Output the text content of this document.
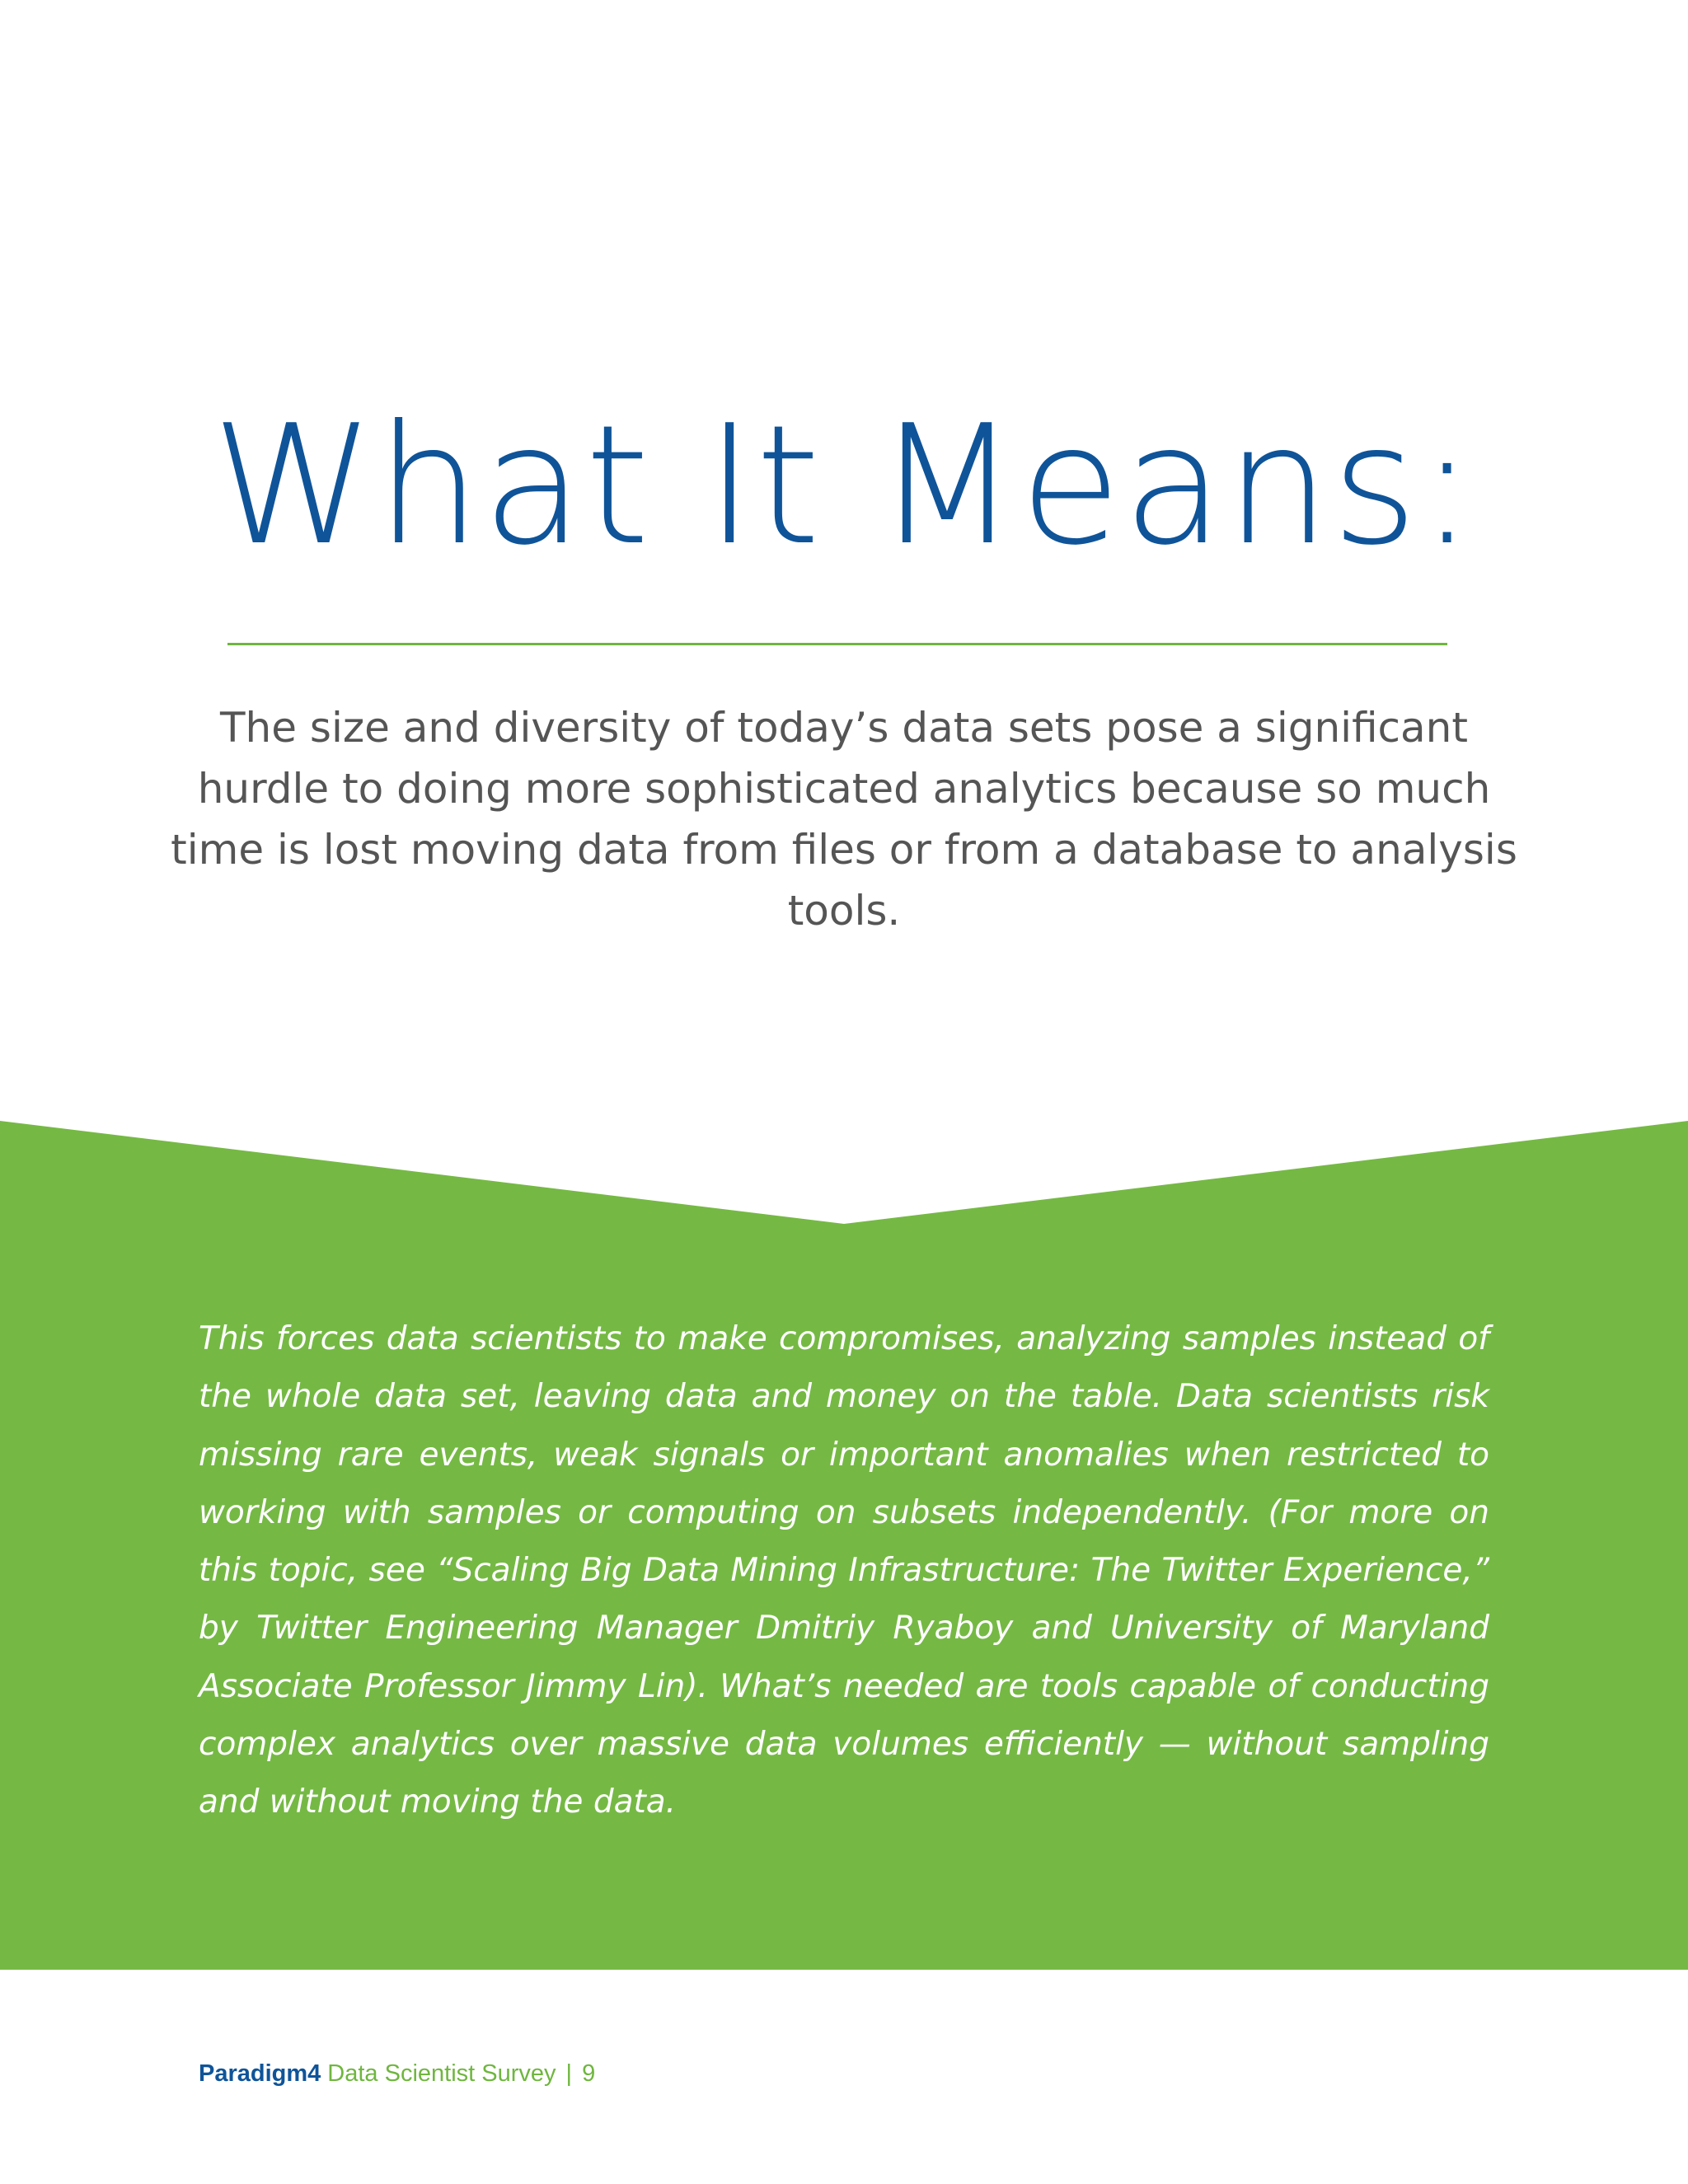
What It Means:

The size and diversity of today’s data sets pose a significant hurdle to doing more sophisticated analytics because so much time is lost moving data from files or from a database to analysis tools.

This forces data scientists to make compromises, analyzing samples instead of the whole data set, leaving data and money on the table. Data scientists risk missing rare events, weak signals or important anomalies when restricted to working with samples or computing on subsets independently. (For more on this topic, see “Scaling Big Data Mining Infrastructure: The Twitter Experience,” by Twitter Engineering Manager Dmitriy Ryaboy and University of Maryland Associate Professor Jimmy Lin). What’s needed are tools capable of conducting complex analytics over massive data volumes efficiently — without sampling and without moving the data.

Paradigm4 Data Scientist Survey | 9
